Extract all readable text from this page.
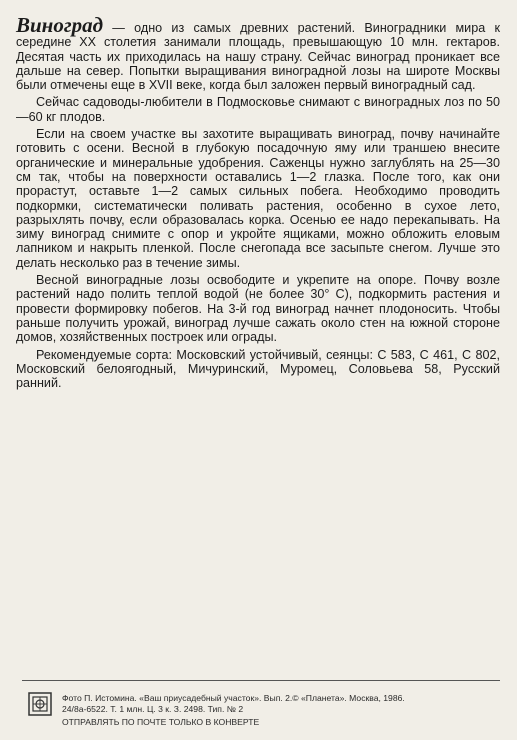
Виноград — одно из самых древних растений. Виноградники мира к середине XX столетия занимали площадь, превышающую 10 млн. гектаров. Десятая часть их приходилась на нашу страну. Сейчас виноград проникает все дальше на север. Попытки выращивания виноградной лозы на широте Москвы были отмечены еще в XVII веке, когда был заложен первый виноградный сад.

Сейчас садоводы-любители в Подмосковье снимают с виноградных лоз по 50—60 кг плодов.

Если на своем участке вы захотите выращивать виноград, почву начинайте готовить с осени. Весной в глубокую посадочную яму или траншею внесите органические и минеральные удобрения. Саженцы нужно заглублять на 25—30 см так, чтобы на поверхности оставались 1—2 глазка. После того, как они прорастут, оставьте 1—2 самых сильных побега. Необходимо проводить подкормки, систематически поливать растения, особенно в сухое лето, разрыхлять почву, если образовалась корка. Осенью ее надо перекапывать. На зиму виноград снимите с опор и укройте ящиками, можно обложить еловым лапником и накрыть пленкой. После снегопада все засыпьте снегом. Лучше это делать несколько раз в течение зимы.

Весной виноградные лозы освободите и укрепите на опоре. Почву возле растений надо полить теплой водой (не более 30° С), подкормить растения и провести формировку побегов. На 3-й год виноград начнет плодоносить. Чтобы раньше получить урожай, виноград лучше сажать около стен на южной стороне домов, хозяйственных построек или ограды.

Рекомендуемые сорта: Московский устойчивый, сеянцы: С 583, С 461, С 802, Московский белоягодный, Мичуринский, Муромец, Соловьева 58, Русский ранний.

Фото П. Истомина. «Ваш приусадебный участок». Вып. 2.© «Планета». Москва, 1986.
24/8а-6522. Т. 1 млн. Ц. 3 к. З. 2498. Тип. № 2
ОТПРАВЛЯТЬ ПО ПОЧТЕ ТОЛЬКО В КОНВЕРТЕ
